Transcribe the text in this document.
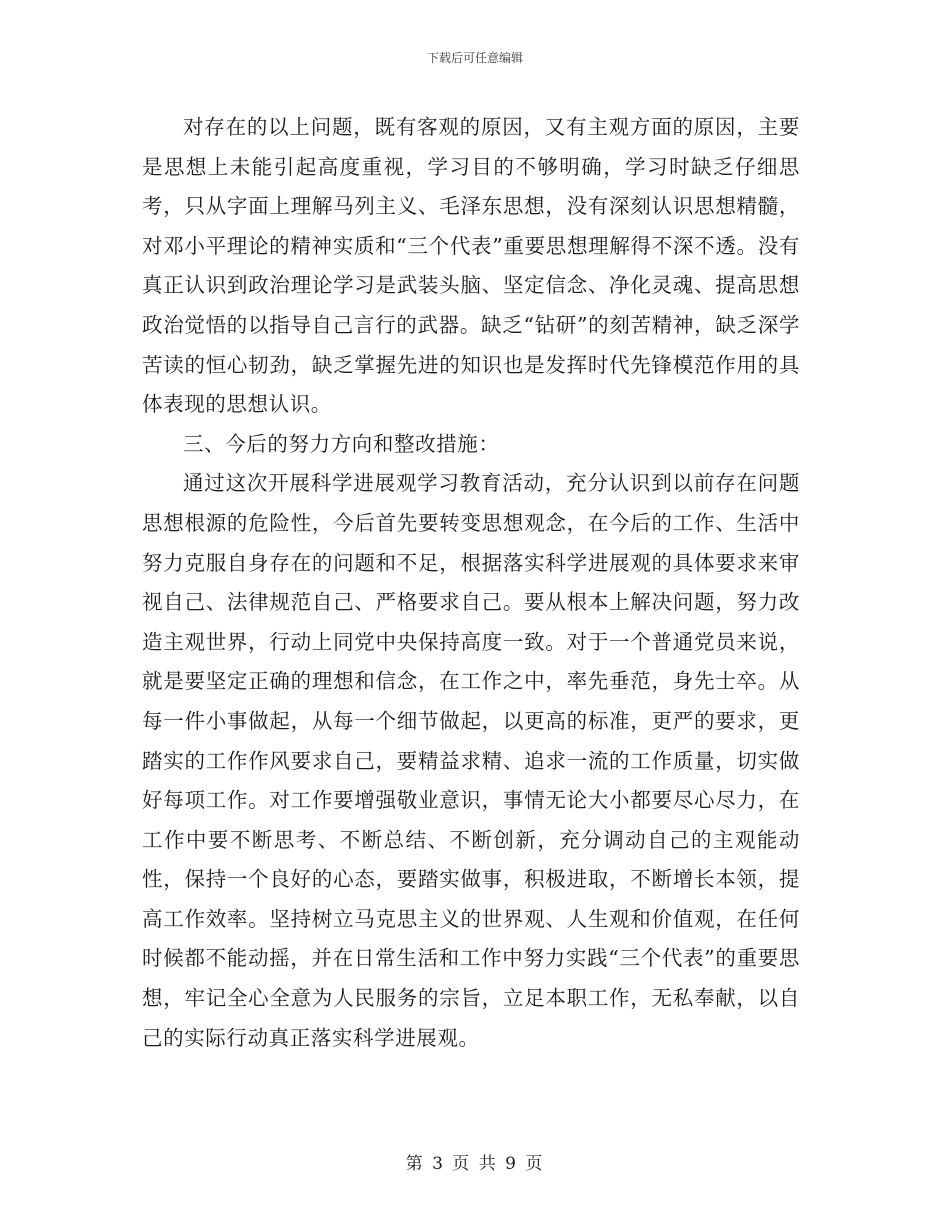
下载后可任意编辑

对存在的以上问题，既有客观的原因，又有主观方面的原因，主要是思想上未能引起高度重视，学习目的不够明确，学习时缺乏仔细思考，只从字面上理解马列主义、毛泽东思想，没有深刻认识思想精髓，对邓小平理论的精神实质和“三个代表”重要思想理解得不深不透。没有真正认识到政治理论学习是武装头脑、坚定信念、净化灵魂、提高思想政治觉悟的以指导自己言行的武器。缺乏“钻研”的刻苦精神，缺乏深学苦读的恒心韧劲，缺乏掌握先进的知识也是发挥时代先锋模范作用的具体表现的思想认识。

三、今后的努力方向和整改措施：

通过这次开展科学进展观学习教育活动，充分认识到以前存在问题思想根源的危险性，今后首先要转变思想观念，在今后的工作、生活中努力克服自身存在的问题和不足，根据落实科学进展观的具体要求来审视自己、法律规范自己、严格要求自己。要从根本上解决问题，努力改造主观世界，行动上同党中央保持高度一致。对于一个普通党员来说，就是要坚定正确的理想和信念，在工作之中，率先垂范，身先士卒。从每一件小事做起，从每一个细节做起，以更高的标准，更严的要求，更踏实的工作作风要求自己，要精益求精、追求一流的工作质量，切实做好每项工作。对工作要增强敬业意识，事情无论大小都要尽心尽力，在工作中要不断思考、不断总结、不断创新，充分调动自己的主观能动性，保持一个良好的心态，要踏实做事，积极进取，不断增长本领，提高工作效率。坚持树立马克思主义的世界观、人生观和价值观，在任何时候都不能动摇，并在日常生活和工作中努力实践“三个代表”的重要思想，牢记全心全意为人民服务的宗旨，立足本职工作，无私奉献，以自己的实际行动真正落实科学进展观。

第 3 页 共 9 页
